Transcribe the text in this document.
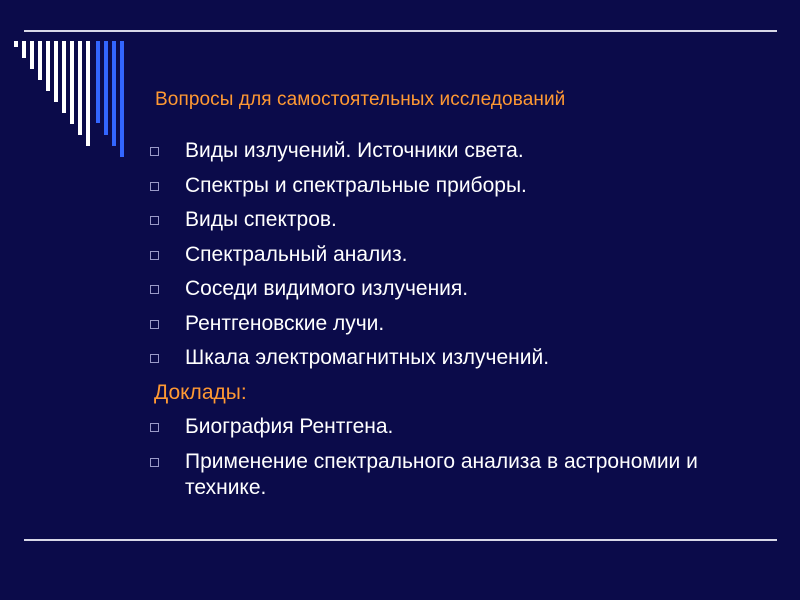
Вопросы для самостоятельных исследований
Виды излучений. Источники света.
Спектры и спектральные приборы.
Виды спектров.
Спектральный анализ.
Соседи видимого излучения.
Рентгеновские лучи.
Шкала электромагнитных излучений.
Доклады:
Биография Рентгена.
Применение спектрального анализа в астрономии и технике.
